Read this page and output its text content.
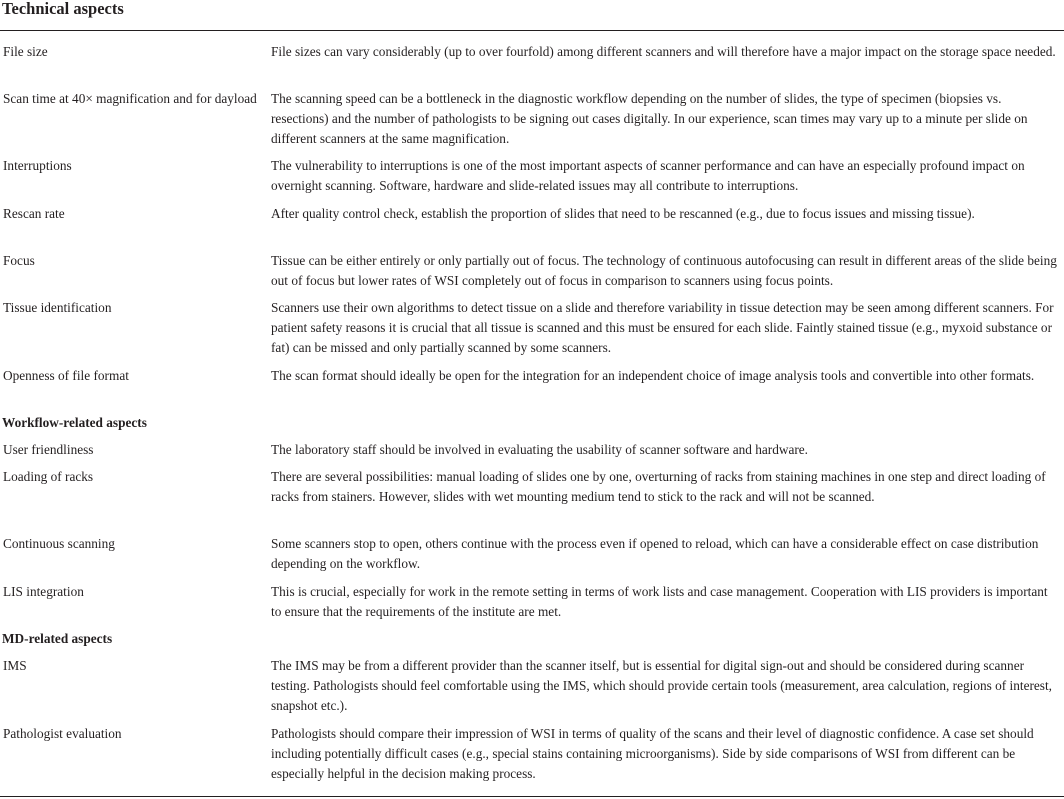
Technical aspects
File size	File sizes can vary considerably (up to over fourfold) among different scanners and will therefore have a major impact on the storage space needed.
Scan time at 40× magnification and for dayload	The scanning speed can be a bottleneck in the diagnostic workflow depending on the number of slides, the type of specimen (biopsies vs. resections) and the number of pathologists to be signing out cases digitally. In our experience, scan times may vary up to a minute per slide on different scanners at the same magnification.
Interruptions	The vulnerability to interruptions is one of the most important aspects of scanner performance and can have an especially profound impact on overnight scanning. Software, hardware and slide-related issues may all contribute to interruptions.
Rescan rate	After quality control check, establish the proportion of slides that need to be rescanned (e.g., due to focus issues and missing tissue).
Focus	Tissue can be either entirely or only partially out of focus. The technology of continuous autofocusing can result in different areas of the slide being out of focus but lower rates of WSI completely out of focus in comparison to scanners using focus points.
Tissue identification	Scanners use their own algorithms to detect tissue on a slide and therefore variability in tissue detection may be seen among different scanners. For patient safety reasons it is crucial that all tissue is scanned and this must be ensured for each slide. Faintly stained tissue (e.g., myxoid substance or fat) can be missed and only partially scanned by some scanners.
Openness of file format	The scan format should ideally be open for the integration for an independent choice of image analysis tools and convertible into other formats.
Workflow-related aspects
User friendliness	The laboratory staff should be involved in evaluating the usability of scanner software and hardware.
Loading of racks	There are several possibilities: manual loading of slides one by one, overturning of racks from staining machines in one step and direct loading of racks from stainers. However, slides with wet mounting medium tend to stick to the rack and will not be scanned.
Continuous scanning	Some scanners stop to open, others continue with the process even if opened to reload, which can have a considerable effect on case distribution depending on the workflow.
LIS integration	This is crucial, especially for work in the remote setting in terms of work lists and case management. Cooperation with LIS providers is important to ensure that the requirements of the institute are met.
MD-related aspects
IMS	The IMS may be from a different provider than the scanner itself, but is essential for digital sign-out and should be considered during scanner testing. Pathologists should feel comfortable using the IMS, which should provide certain tools (measurement, area calculation, regions of interest, snapshot etc.).
Pathologist evaluation	Pathologists should compare their impression of WSI in terms of quality of the scans and their level of diagnostic confidence. A case set should including potentially difficult cases (e.g., special stains containing microorganisms). Side by side comparisons of WSI from different can be especially helpful in the decision making process.
